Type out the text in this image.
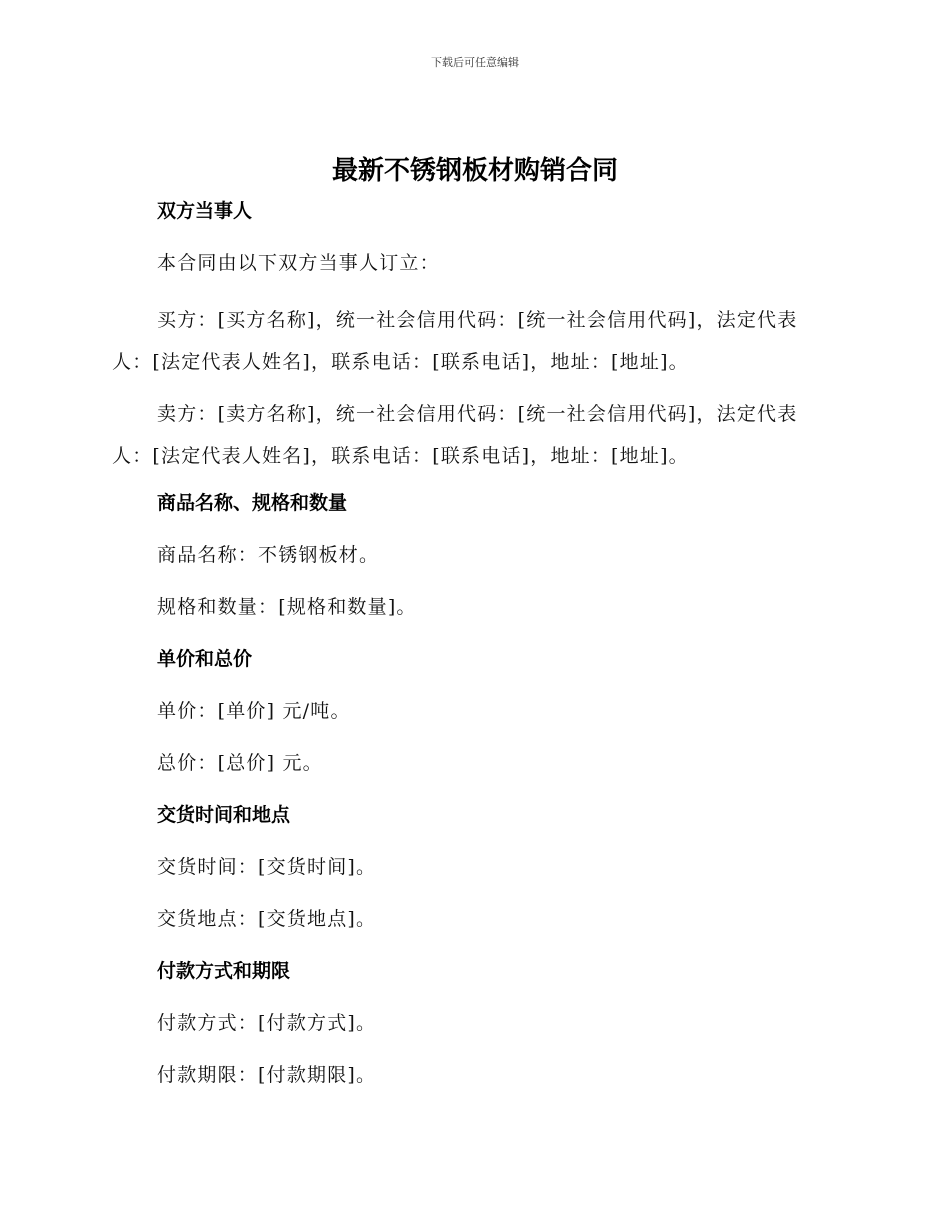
下载后可任意编辑
最新不锈钢板材购销合同

双方当事人

本合同由以下双方当事人订立：

买方：[买方名称]，统一社会信用代码：[统一社会信用代码]，法定代表人：[法定代表人姓名]，联系电话：[联系电话]，地址：[地址]。

卖方：[卖方名称]，统一社会信用代码：[统一社会信用代码]，法定代表人：[法定代表人姓名]，联系电话：[联系电话]，地址：[地址]。

商品名称、规格和数量

商品名称：不锈钢板材。

规格和数量：[规格和数量]。

单价和总价

单价：[单价] 元/吨。

总价：[总价] 元。

交货时间和地点

交货时间：[交货时间]。

交货地点：[交货地点]。

付款方式和期限

付款方式：[付款方式]。

付款期限：[付款期限]。
